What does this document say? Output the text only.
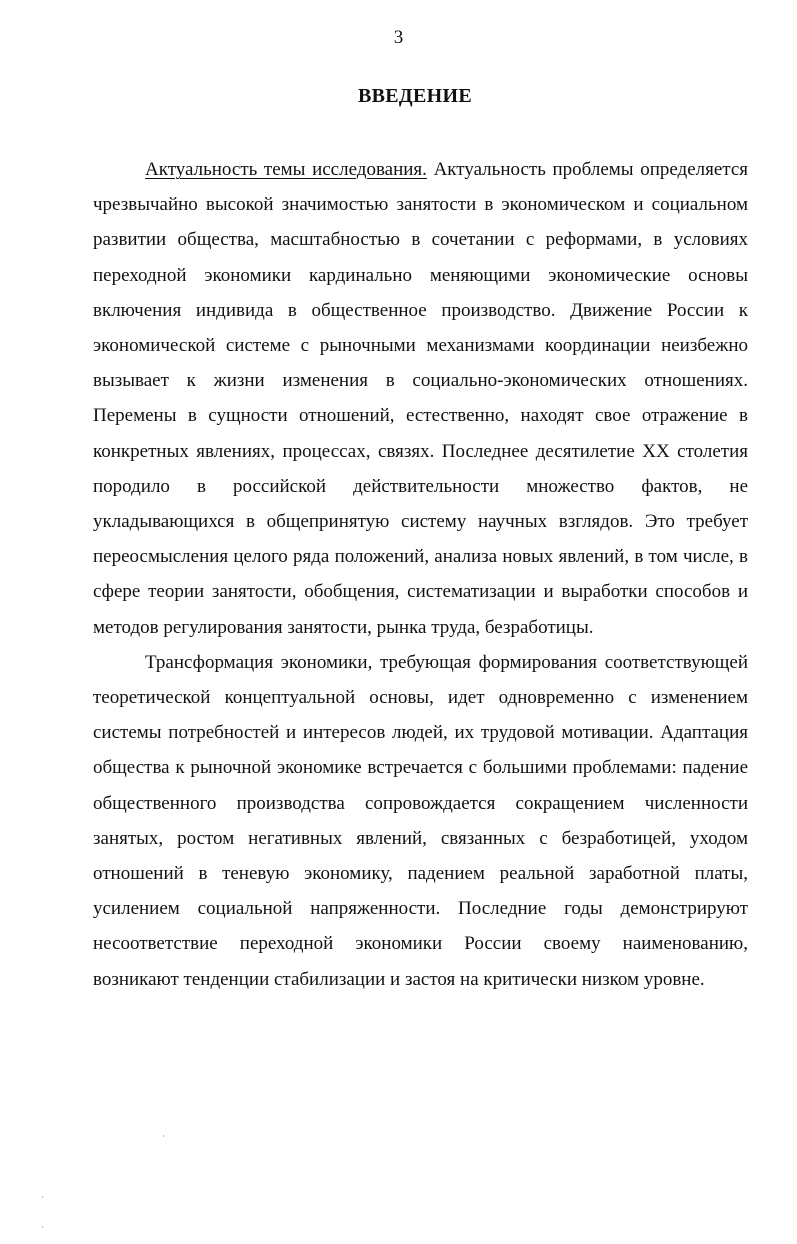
3
ВВЕДЕНИЕ

Актуальность темы исследования. Актуальность проблемы определяется чрезвычайно высокой значимостью занятости в экономическом и социальном развитии общества, масштабностью в сочетании с реформами, в условиях переходной экономики кардинально меняющими экономические основы включения индивида в общественное производство. Движение России к экономической системе с рыночными механизмами координации неизбежно вызывает к жизни изменения в социально-экономических отношениях. Перемены в сущности отношений, естественно, находят свое отражение в конкретных явлениях, процессах, связях. Последнее десятилетие XX столетия породило в российской действительности множество фактов, не укладывающихся в общепринятую систему научных взглядов. Это требует переосмысления целого ряда положений, анализа новых явлений, в том числе, в сфере теории занятости, обобщения, систематизации и выработки способов и методов регулирования занятости, рынка труда, безработицы.

Трансформация экономики, требующая формирования соответствующей теоретической концептуальной основы, идет одновременно с изменением системы потребностей и интересов людей, их трудовой мотивации. Адаптация общества к рыночной экономике встречается с большими проблемами: падение общественного производства сопровождается сокращением численности занятых, ростом негативных явлений, связанных с безработицей, уходом отношений в теневую экономику, падением реальной заработной платы, усилением социальной напряженности. Последние годы демонстрируют несоответствие переходной экономики России своему наименованию, возникают тенденции стабилизации и застоя на критически низком уровне.
